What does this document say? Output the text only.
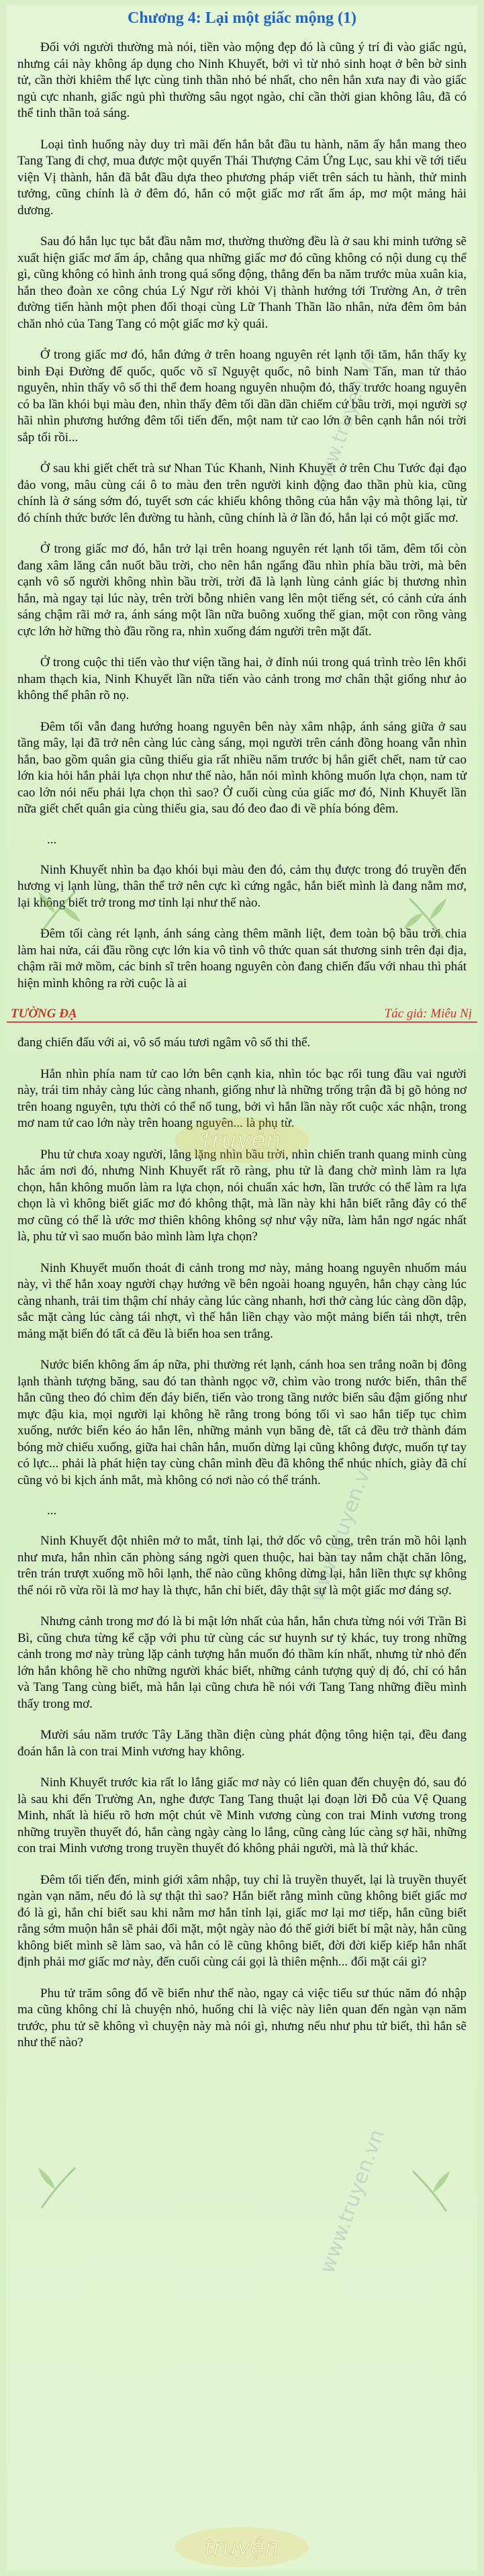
www.truyen.vn
www.truyen.vn
www.truyen.vn
truyện
truyện
Chương 4: Lại một giấc mộng (1)

Đối với người thường mà nói, tiền vào mộng đẹp đó là cũng ý trí đi vào giấc ngủ, nhưng cái này không áp dụng cho Ninh Khuyết, bởi vì từ nhỏ sinh hoạt ở bên bờ sinh tử, cần thời khiêm thể lực cùng tinh thần nhỏ bé nhất, cho nên hắn xưa nay đi vào giấc ngủ cực nhanh, giấc ngủ phì thường sâu ngọt ngào, chỉ cần thời gian không lâu, đã có thể tinh thần toả sáng.

Loại tình huống này duy trì mãi đến hắn bắt đầu tu hành, năm ấy hắn mang theo Tang Tang đi chợ, mua được một quyển Thái Thượng Cảm Ứng Lục, sau khi về tới tiểu viện Vị thành, hắn đã bắt đầu dựa theo phương pháp viết trên sách tu hành, thử minh tưởng, cũng chính là ở đêm đó, hắn có một giấc mơ rất ấm áp, mơ một mảng hải dương.

Sau đó hắn lục tục bắt đầu nằm mơ, thường thường đều là ở sau khi minh tưởng sẽ xuất hiện giấc mơ ấm áp, chẳng qua những giấc mơ đó cũng không có nội dung cụ thể gì, cũng không có hình ảnh trong quá sống động, thẳng đến ba năm trước mùa xuân kia, hắn theo đoàn xe công chúa Lý Ngư rời khỏi Vị thành hướng tới Trường An, ở trên đường tiến hành một phen đối thoại cùng Lữ Thanh Thần lão nhân, nửa đêm ôm bản chăn nhỏ của Tang Tang có một giấc mơ kỳ quái.

Ở trong giấc mơ đó, hắn đứng ở trên hoang nguyên rét lạnh tối tăm, hắn thấy kỵ binh Đại Đường đế quốc, quốc võ sĩ Nguyệt quốc, nô binh Nam Tấn, man tử thảo nguyên, nhìn thấy vô số thi thể đem hoang nguyên nhuộm đỏ, thấy trước hoang nguyên có ba lần khói bụi màu đen, nhìn thấy đêm tối dần dần chiếm cứ bầu trời, mọi người sợ hãi nhìn phương hướng đêm tối tiến đến, một nam tử cao lớn ở bên cạnh hắn nói trời sắp tối rồi...

Ở sau khi giết chết trà sư Nhan Túc Khanh, Ninh Khuyết ở trên Chu Tước đại đạo đảo vong, mâu cùng cái ô to màu đen trên người kinh động đao thần phù kia, cũng chính là ở sáng sớm đó, tuyết sơn các khiếu không thông của hắn vậy mà thông lại, từ đó chính thức bước lên đường tu hành, cũng chính là ở lần đó, hắn lại có một giấc mơ.

Ở trong giấc mơ đó, hắn trở lại trên hoang nguyên rét lạnh tối tăm, đêm tối còn đang xâm lăng cắn nuốt bầu trời, cho nên hắn ngẩng đầu nhìn phía bầu trời, mà bên cạnh vô số người không nhìn bầu trời, trời đã là lạnh lùng cảnh giác bị thương nhìn hắn, mà ngay tại lúc này, trên trời bỗng nhiên vang lên một tiếng sét, có cảnh cửa ánh sáng chậm rãi mở ra, ánh sáng một lần nữa buông xuống thế gian, một con rồng vàng cực lớn hờ hững thò đầu rồng ra, nhìn xuống đám người trên mặt đất.

Ở trong cuộc thi tiến vào thư viện tầng hai, ở đỉnh núi trong quá trình trèo lên khổi nham thạch kia, Ninh Khuyết lần nữa tiến vào cảnh trong mơ chân thật giống như ảo không thể phân rõ nọ.

Đêm tối vẫn đang hướng hoang nguyên bên này xâm nhập, ánh sáng giữa ở sau tầng mây, lại đã trở nên càng lúc càng sáng, mọi người trên cánh đồng hoang vẫn nhìn hắn, bao gồm quân gia cũng thiếu gia rất nhiều năm trước bị hắn giết chết, nam tử cao lớn kia hỏi hắn phải lựa chọn như thế nào, hắn nói mình không muốn lựa chọn, nam tử cao lớn nói nếu phải lựa chọn thì sao? Ở cuối cùng của giấc mơ đó, Ninh Khuyết lần nữa giết chết quân gia cùng thiếu gia, sau đó đeo đao đi về phía bóng đêm.

...

Ninh Khuyết nhìn ba đạo khói bụi màu đen đó, cảm thụ được trong đó truyền đến hương vị lạnh lùng, thân thể trở nên cực kì cứng ngắc, hắn biết mình là đang nằm mơ, lại không biết trở trong mơ tỉnh lại như thế nào.

Đêm tối càng rét lạnh, ánh sáng càng thêm mãnh liệt, đem toàn bộ bầu trời chia làm hai nửa, cái đầu rồng cực lớn kia vô tình vô thức quan sát thương sinh trên đại địa, chậm rãi mở mồm, các binh sĩ trên hoang nguyên còn đang chiến đấu với nhau thì phát hiện mình không ra rời cuộc là ai

TƯỜNG ĐẠ	Tác giả: Miêu Nị

đang chiến đấu với ai, vô số máu tươi ngâm vô số thi thể.

Hắn nhìn phía nam tử cao lớn bên cạnh kia, nhìn tóc bạc rối tung đầu vai người này, trái tim nhảy càng lúc càng nhanh, giống như là những trống trận đã bị gõ hỏng nơ trên hoang nguyên, tựu thời có thể nổ tung, bởi vì hắn lần này rốt cuộc xác nhận, trong mơ nam tử cao lớn này trên hoang nguyên... là phụ từ.

Phu tử chưa xoay người, lẳng lặng nhìn bầu trời, nhìn chiến tranh quang minh cùng hắc ám nơi đó, nhưng Ninh Khuyết rất rõ ràng, phu tử là đang chờ mình làm ra lựa chọn, hắn không muốn làm ra lựa chọn, nói chuẩn xác hơn, lần trước có thể làm ra lựa chọn là vì không biết giấc mơ đó không thật, mà lần này khi hắn biết rằng đây có thể mơ cũng có thể là ước mơ thiên không không sợ như vậy nữa, làm hắn ngơ ngác nhất là, phu tử vì sao muốn bảo mình làm lựa chọn?

Ninh Khuyết muốn thoát đi cảnh trong mơ này, mảng hoang nguyên nhuốm máu này, vì thế hắn xoay người chạy hướng về bên ngoài hoang nguyên, hắn chạy càng lúc càng nhanh, trải tim thậm chí nhảy càng lúc càng nhanh, hơi thở càng lúc càng dồn dập, sắc mặt càng lúc càng tái nhợt, vì thế hắn liền chạy vào một mảng biển tái nhợt, trên mảng mặt biển đó tất cả đều là biển hoa sen trắng.

Nước biển không ấm áp nữa, phi thường rét lạnh, cánh hoa sen trắng noãn bị đông lạnh thành tượng băng, sau đó tan thành ngọc vỡ, chìm vào trong nước biển, thân thể hắn cũng theo đó chìm đến đáy biển, tiến vào trong tầng nước biển sâu đậm giống như mực đậu kia, mọi người lại không hề rằng trong bóng tối vì sao hắn tiếp tục chìm xuống, nước biển kéo áo hắn lên, những mảnh vụn băng đè, tất cả đều trở thành đám bóng mờ chiếu xuống, giữa hai chân hắn, muốn dừng lại cũng không được, muốn tự tay có lực... phải là phát hiện tay cùng chân mình đều đã không thể nhúc nhích, giày đã chí cũng vỏ bi kịch ánh mắt, mà không có nơi nào có thể tránh.

...

Ninh Khuyết đột nhiên mở to mắt, tỉnh lại, thở dốc vô cùng, trên trán mồ hôi lạnh như mưa, hắn nhìn căn phòng sáng ngời quen thuộc, hai bàn tay nắm chặt chăn lông, trên trán trượt xuống mồ hôi lạnh, thế nào cũng không dừng lại, hắn liền thực sự không thể nói rõ vừa rồi là mơ hay là thực, hắn chỉ biết, đây thật sự là một giấc mơ đáng sợ.

Nhưng cảnh trong mơ đó là bi mật lớn nhất của hắn, hắn chưa từng nói với Trần Bì Bì, cũng chưa từng kể cặp với phu tử cùng các sư huynh sư tỷ khác, tuy trong những cảnh trong mơ này trùng lặp cảnh tượng hắn muốn đó thầm kín nhất, nhưng từ nhỏ đến lớn hắn không hề cho những người khác biết, những cảnh tượng quỷ dị đó, chỉ có hắn và Tang Tang cùng biết, mà hắn lại cũng chưa hề nói với Tang Tang những điều mình thấy trong mơ.

Mười sáu năm trước Tây Lăng thần điện cùng phát động tông hiện tại, đều đang đoán hắn là con trai Minh vương hay không.

Ninh Khuyết trước kia rất lo lắng giấc mơ này có liên quan đến chuyện đó, sau đó là sau khi đến Trường An, nghe được Tang Tang thuật lại đoạn lời Đỗ của Vệ Quang Minh, nhất là hiểu rõ hơn một chút về Minh vương cùng con trai Minh vương trong những truyền thuyết đó, hắn càng ngày càng lo lắng, cũng càng lúc càng sợ hãi, những con trai Minh vương trong truyền thuyết đó không phải người, mà là thứ khác.

Đêm tối tiến đến, minh giới xâm nhập, tuy chỉ là truyền thuyết, lại là truyền thuyết ngàn vạn năm, nếu đó là sự thật thì sao? Hắn biết rằng mình cũng không biết giấc mơ đó là gì, hắn chỉ biết sau khi nằm mơ hắn tỉnh lại, giấc mơ lại mơ tiếp, hắn cũng biết rằng sớm muộn hắn sẽ phải đối mặt, một ngày nào đó thế giới biết bí mật này, hắn cũng không biết mình sẽ làm sao, và hắn có lẽ cũng không biết, đời đời kiếp kiếp hắn nhất định phải mơ giấc mơ này, đến cuối cùng cái gọi là thiên mệnh... đối mặt cái gì?

Phu tử trăm sông đổ về biển như thế nào, ngay cả việc tiểu sư thúc năm đó nhập ma cũng không chỉ là chuyện nhỏ, huống chi là việc này liên quan đến ngàn vạn năm trước, phu tử sẽ không vì chuyện này mà nói gì, nhưng nếu như phu tử biết, thì hắn sẽ như thế nào?
